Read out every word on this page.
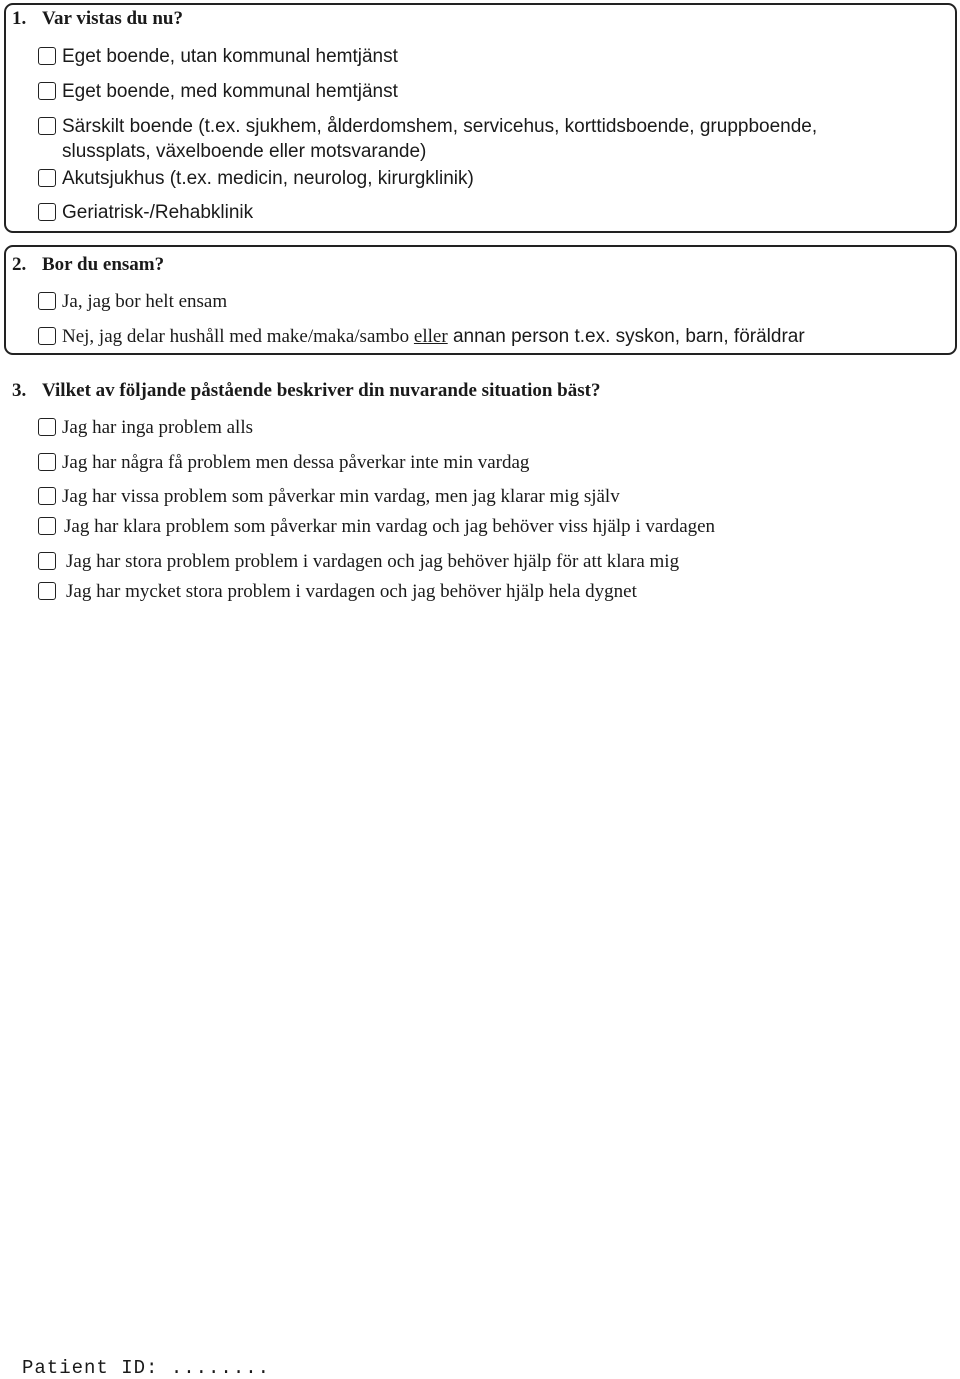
1. Var vistas du nu?
Eget boende, utan kommunal hemtjänst
Eget boende, med kommunal hemtjänst
Särskilt boende (t.ex. sjukhem, ålderdomshem, servicehus, korttidsboende, gruppboende,
slussplats, växelboende eller motsvarande)
Akutsjukhus (t.ex. medicin, neurolog, kirurgklinik)
Geriatrisk-/Rehabklinik
2. Bor du ensam?
Ja, jag bor helt ensam
Nej, jag delar hushåll med make/maka/sambo eller annan person t.ex. syskon, barn, föräldrar
3. Vilket av följande påstående beskriver din nuvarande situation bäst?
Jag har inga problem alls
Jag har några få problem men dessa påverkar inte min vardag
Jag har vissa problem som påverkar min vardag, men jag klarar mig själv
Jag har klara problem som påverkar min vardag och jag behöver viss hjälp i vardagen
Jag har stora problem problem i vardagen och jag behöver hjälp för att klara mig
Jag har mycket stora problem i vardagen och jag behöver hjälp hela dygnet
Patient ID: ........
